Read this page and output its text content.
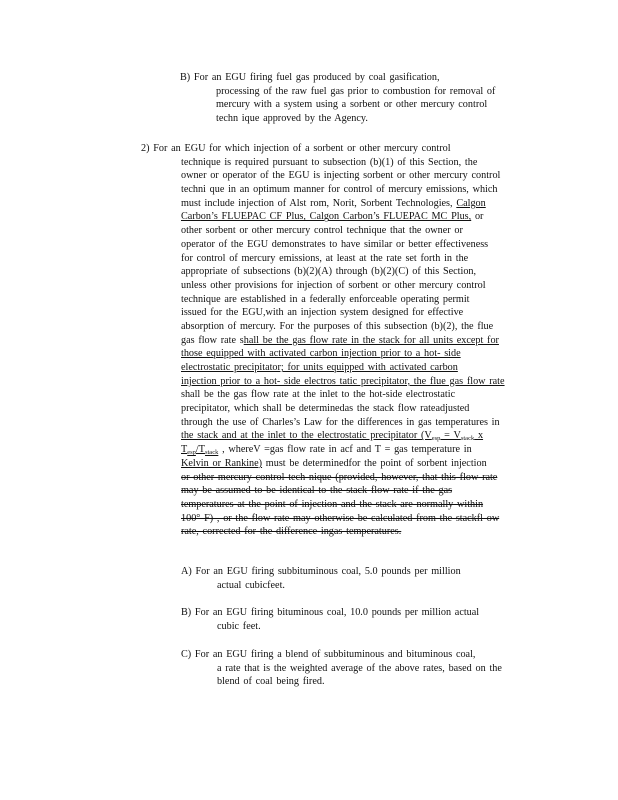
B) For an EGU firing fuel gas produced by coal gasification,
processing of the raw fuel gas prior to combustion for removal of
mercury with a system using a sorbent or other mercury control
techn ique approved by the Agency.
2) For an EGU for which injection of a sorbent or other mercury control
technique is required pursuant to subsection (b)(1) of this Section, the
owner or operator of the EGU is injecting sorbent or other mercury control
techni que in an optimum manner for control of mercury emissions, which
must include injection of Alst rom, Norit, Sorbent Technologies, Calgon
Carbon’s FLUEPAC CF Plus, Calgon Carbon’s FLUEPAC MC Plus, or
other sorbent or other mercury control technique that the owner or
operator of the EGU demonstrates to have similar or better effectiveness
for control of mercury emissions, at least at the rate set forth in the
appropriate of subsections (b)(2)(A) through (b)(2)(C) of this Section,
unless other provisions for injection of sorbent or other mercury control
technique are established in a federally enforceable operating permit
issued for the EGU,with an injection system designed for effective
absorption of mercury. For the purposes of this subsection (b)(2), the flue
gas flow rate shall be the gas flow rate in the stack for all units except for
those equipped with activated carbon injection prior to a hot- side
electrostatic precipitator; for units equipped with activated carbon
injection prior to a hot- side electros tatic precipitator, the flue gas flow rate
shall be the gas flow rate at the inlet to the hot-side electrostatic
precipitator, which shall be determinedas the stack flow rateadjusted
through the use of Charles’s Law for the differences in gas temperatures in
the stack and at the inlet to the electrostatic precipitator ($V_{esp} = V_{stack}$ x
$T_{esp}/T_{stack}$ , whereV =gas flow rate in acf and T = gas temperature in
Kelvin or Rankine) must be determinedfor the point of sorbent injection
or other mercury control tech nique (provided, however, that this flow rate
may be assumed to be identical to the stack flow rate if the gas
temperatures at the point of injection and the stack are normally within
100° F) , or the flow rate may otherwise be calculated from the stackfl ow
rate, corrected for the difference ingas temperatures.
A) For an EGU firing subbituminous coal, 5.0 pounds per million
actual cubicfeet.
B) For an EGU firing bituminous coal, 10.0 pounds per million actual
cubic feet.
C) For an EGU firing a blend of subbituminous and bituminous coal,
a rate that is the weighted average of the above rates, based on the
blend of coal being fired.
